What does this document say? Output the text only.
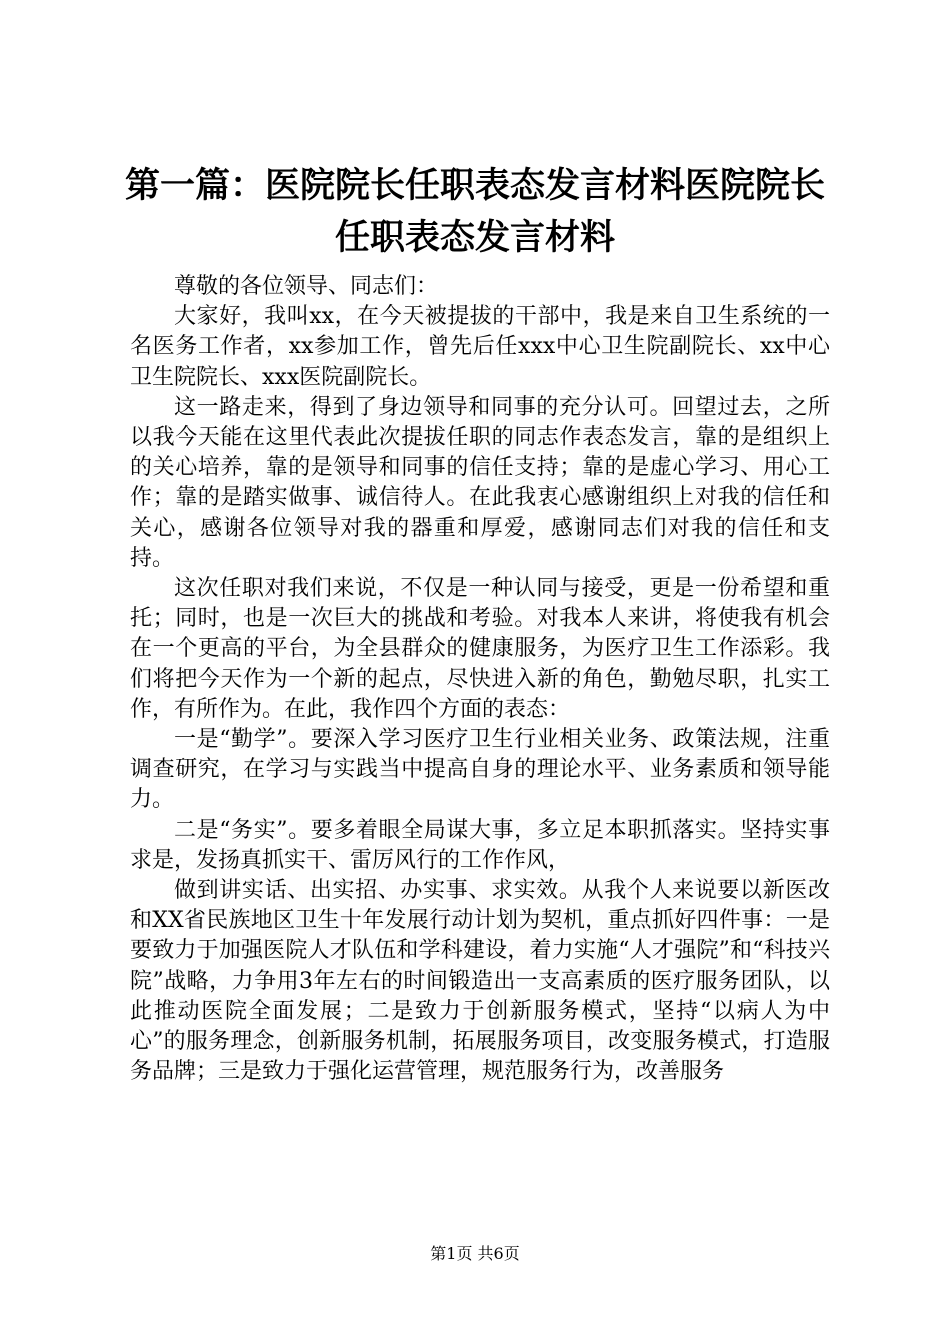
第一篇：医院院长任职表态发言材料医院院长
任职表态发言材料

尊敬的各位领导、同志们：

大家好，我叫xx，在今天被提拔的干部中，我是来自卫生系统的一名医务工作者，xx参加工作，曾先后任xxx中心卫生院副院长、xx中心卫生院院长、xxx医院副院长。

这一路走来，得到了身边领导和同事的充分认可。回望过去，之所以我今天能在这里代表此次提拔任职的同志作表态发言，靠的是组织上的关心培养，靠的是领导和同事的信任支持；靠的是虚心学习、用心工作；靠的是踏实做事、诚信待人。在此我衷心感谢组织上对我的信任和关心，感谢各位领导对我的器重和厚爱，感谢同志们对我的信任和支持。

这次任职对我们来说，不仅是一种认同与接受，更是一份希望和重托；同时，也是一次巨大的挑战和考验。对我本人来讲，将使我有机会在一个更高的平台，为全县群众的健康服务，为医疗卫生工作添彩。我们将把今天作为一个新的起点，尽快进入新的角色，勤勉尽职，扎实工作，有所作为。在此，我作四个方面的表态：

一是“勤学”。要深入学习医疗卫生行业相关业务、政策法规，注重调查研究，在学习与实践当中提高自身的理论水平、业务素质和领导能力。

二是“务实”。要多着眼全局谋大事，多立足本职抓落实。坚持实事求是，发扬真抓实干、雷厉风行的工作作风，

做到讲实话、出实招、办实事、求实效。从我个人来说要以新医改和XX省民族地区卫生十年发展行动计划为契机，重点抓好四件事：一是要致力于加强医院人才队伍和学科建设，着力实施“人才强院”和“科技兴院”战略，力争用3年左右的时间锻造出一支高素质的医疗服务团队，以此推动医院全面发展；二是致力于创新服务模式，坚持“以病人为中心”的服务理念，创新服务机制，拓展服务项目，改变服务模式，打造服务品牌；三是致力于强化运营管理，规范服务行为，改善服务

第1页 共6页
